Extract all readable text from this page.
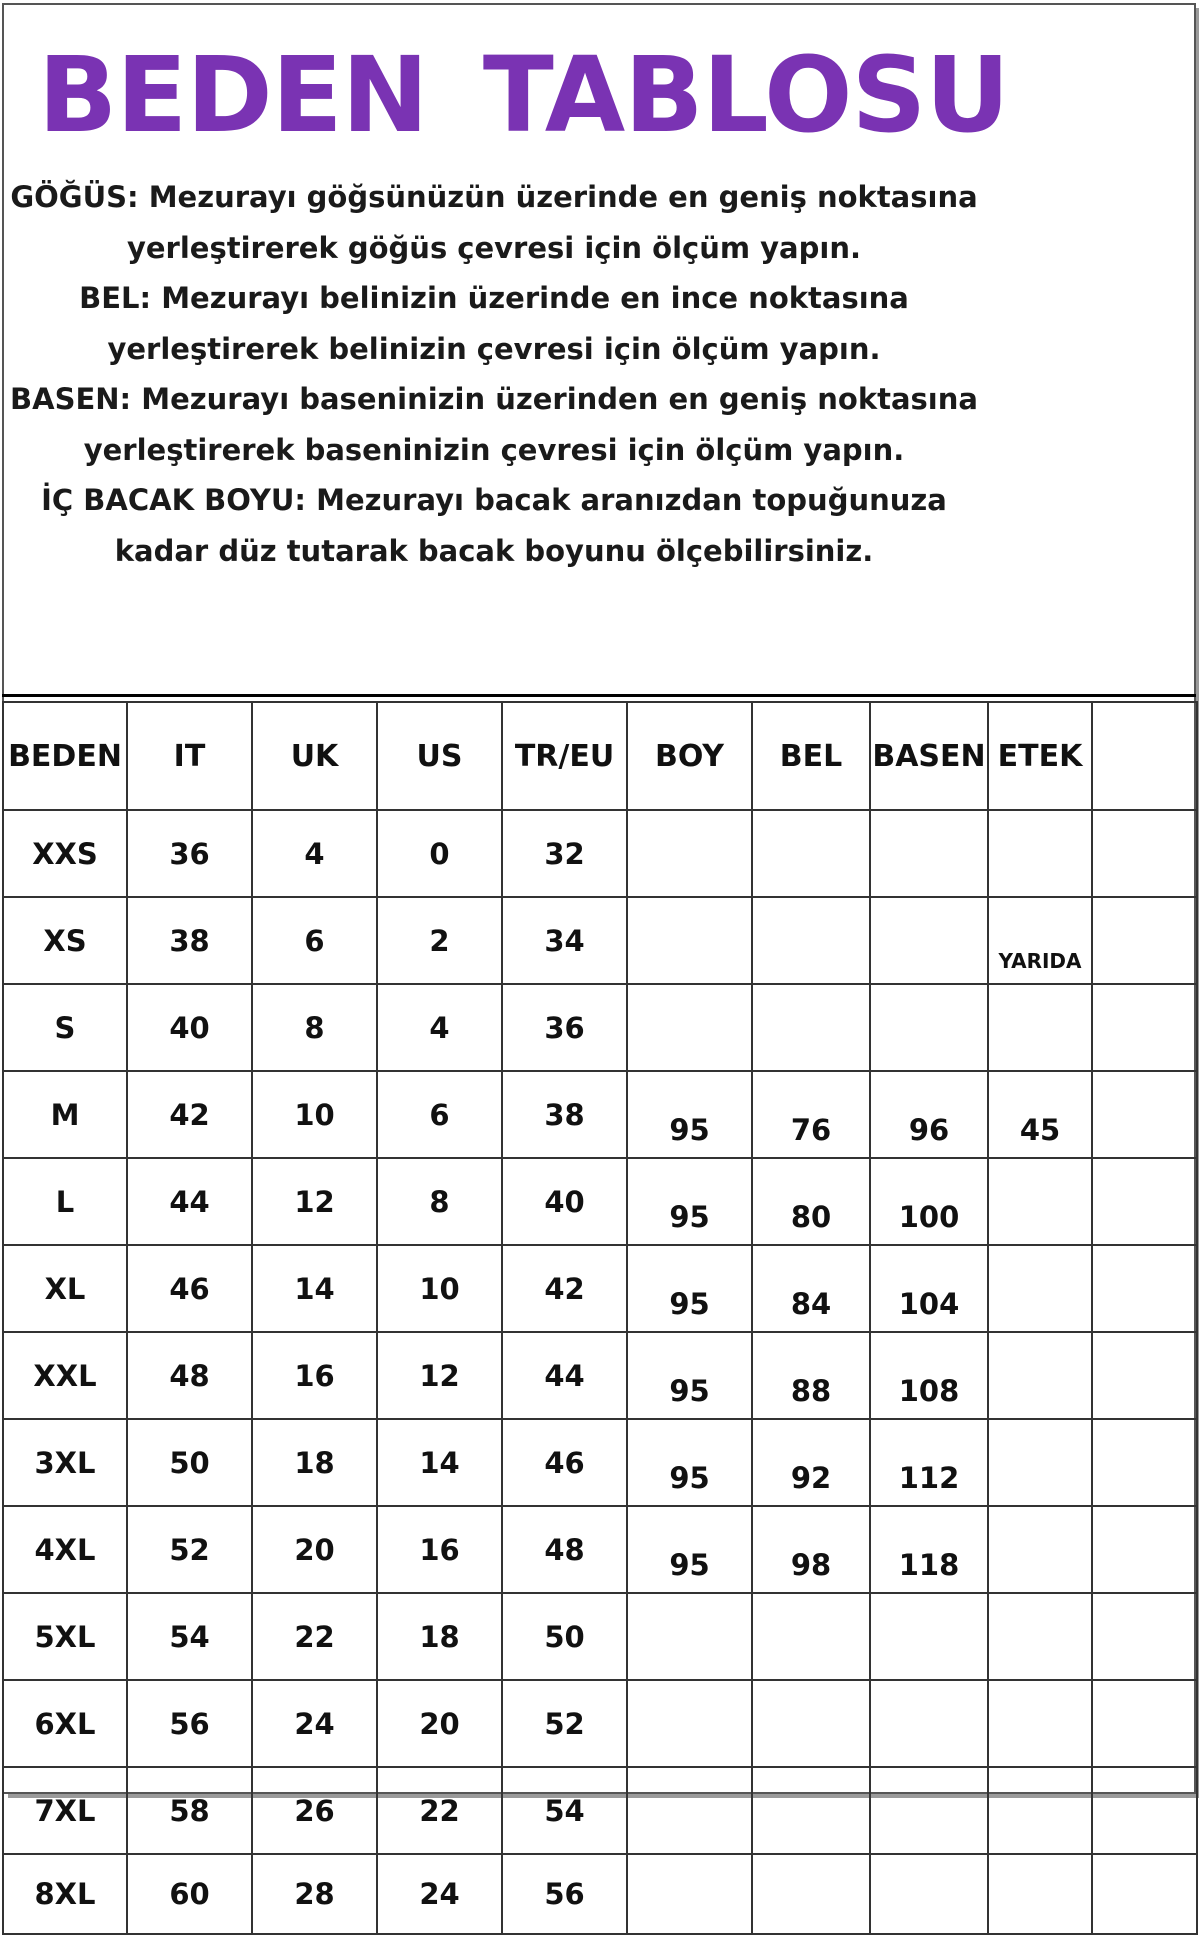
BEDEN TABLOSU
GÖĞÜS: Mezurayı göğsünüzün üzerinde en geniş noktasına
yerleştirerek göğüs çevresi için ölçüm yapın.
BEL: Mezurayı belinizin üzerinde en ince noktasına
yerleştirerek belinizin çevresi için ölçüm yapın.
BASEN: Mezurayı baseninizin üzerinden en geniş noktasına
yerleştirerek baseninizin çevresi için ölçüm yapın.
İÇ BACAK BOYU: Mezurayı bacak aranızdan topuğunuza
kadar düz tutarak bacak boyunu ölçebilirsiniz.
BEDEN	IT	UK	US	TR/EU	BOY	BEL	BASEN	ETEK	
XXS	36	4	0	32					
XS	38	6	2	34				YARIDA	
S	40	8	4	36					
M	42	10	6	38	95	76	96	45	
L	44	12	8	40	95	80	100		
XL	46	14	10	42	95	84	104		
XXL	48	16	12	44	95	88	108		
3XL	50	18	14	46	95	92	112		
4XL	52	20	16	48	95	98	118		
5XL	54	22	18	50					
6XL	56	24	20	52					
7XL	58	26	22	54					
8XL	60	28	24	56					
